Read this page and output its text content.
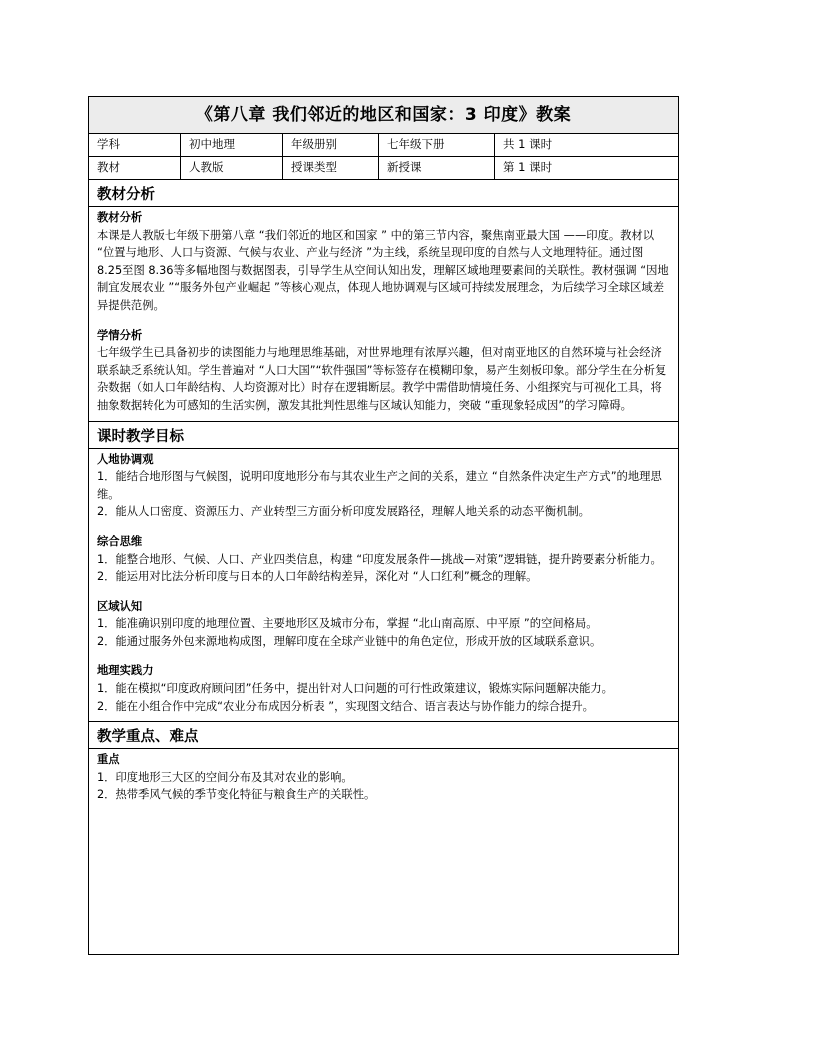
《第八章 我们邻近的地区和国家：3 印度》教案
学科	初中地理	年级册别	七年级下册	共 1 课时
教材	人教版	授课类型	新授课	第 1 课时
教材分析

教材分析

本课是人教版七年级下册第八章 “我们邻近的地区和国家 ” 中的第三节内容，聚焦南亚最大国 ——印度。教材以 “位置与地形、人口与资源、气候与农业、产业与经济 ”为主线，系统呈现印度的自然与人文地理特征。通过图 8.25至图 8.36等多幅地图与数据图表，引导学生从空间认知出发，理解区域地理要素间的关联性。教材强调 “因地制宜发展农业 ”“服务外包产业崛起 ”等核心观点，体现人地协调观与区域可持续发展理念，为后续学习全球区域差异提供范例。

学情分析

七年级学生已具备初步的读图能力与地理思维基础，对世界地理有浓厚兴趣，但对南亚地区的自然环境与社会经济联系缺乏系统认知。学生普遍对 “人口大国”“软件强国”等标签存在模糊印象，易产生刻板印象。部分学生在分析复杂数据（如人口年龄结构、人均资源对比）时存在逻辑断层。教学中需借助情境任务、小组探究与可视化工具，将抽象数据转化为可感知的生活实例，激发其批判性思维与区域认知能力，突破 “重现象轻成因”的学习障碍。

课时教学目标

人地协调观

1．能结合地形图与气候图，说明印度地形分布与其农业生产之间的关系，建立 “自然条件决定生产方式”的地理思维。

2．能从人口密度、资源压力、产业转型三方面分析印度发展路径，理解人地关系的动态平衡机制。

综合思维

1．能整合地形、气候、人口、产业四类信息，构建 “印度发展条件—挑战—对策”逻辑链，提升跨要素分析能力。

2．能运用对比法分析印度与日本的人口年龄结构差异，深化对 “人口红利”概念的理解。

区域认知

1．能准确识别印度的地理位置、主要地形区及城市分布，掌握 “北山南高原、中平原 ”的空间格局。

2．能通过服务外包来源地构成图，理解印度在全球产业链中的角色定位，形成开放的区域联系意识。

地理实践力

1．能在模拟“印度政府顾问团”任务中，提出针对人口问题的可行性政策建议，锻炼实际问题解决能力。

2．能在小组合作中完成“农业分布成因分析表 ”，实现图文结合、语言表达与协作能力的综合提升。

教学重点、难点

重点

1．印度地形三大区的空间分布及其对农业的影响。

2．热带季风气候的季节变化特征与粮食生产的关联性。
